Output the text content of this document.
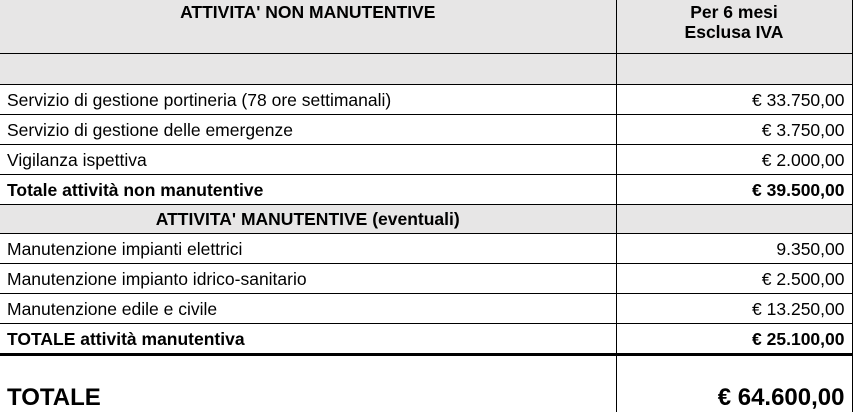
ATTIVITA' NON MANUTENTIVE	Per 6 mesi
Esclusa IVA

Servizio di gestione portineria (78 ore settimanali)	€ 33.750,00
Servizio di gestione delle emergenze	€ 3.750,00
Vigilanza ispettiva	€ 2.000,00
Totale attività non manutentive	€ 39.500,00
ATTIVITA' MANUTENTIVE (eventuali)	
Manutenzione impianti elettrici	9.350,00
Manutenzione impianto idrico-sanitario	€ 2.500,00
Manutenzione edile e civile	€ 13.250,00
TOTALE attività manutentiva	€ 25.100,00
TOTALE	€ 64.600,00
